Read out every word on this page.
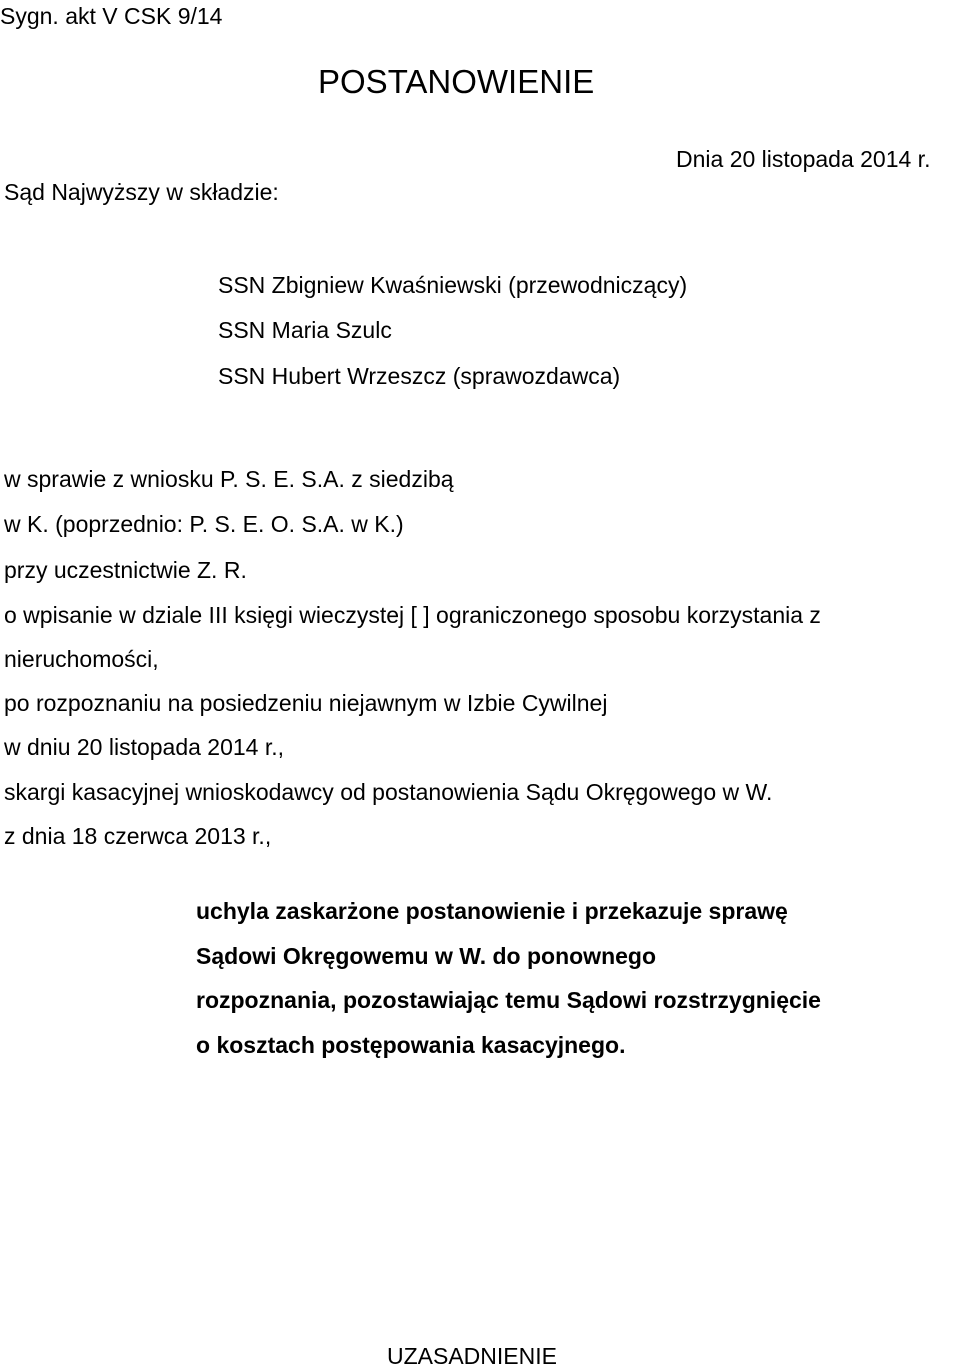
Sygn. akt V CSK 9/14
POSTANOWIENIE
Dnia 20 listopada 2014 r.
Sąd Najwyższy w składzie:
SSN Zbigniew Kwaśniewski (przewodniczący)
SSN Maria Szulc
SSN Hubert Wrzeszcz (sprawozdawca)
w sprawie z wniosku P. S. E. S.A. z siedzibą
w K. (poprzednio: P. S. E. O. S.A. w K.)
przy uczestnictwie Z. R.
o wpisanie w dziale III księgi wieczystej [ ] ograniczonego sposobu korzystania z
nieruchomości,
po rozpoznaniu na posiedzeniu niejawnym w Izbie Cywilnej
w dniu 20 listopada 2014 r.,
skargi kasacyjnej wnioskodawcy od postanowienia Sądu Okręgowego w W.
z dnia 18 czerwca 2013 r.,
uchyla zaskarżone postanowienie i przekazuje sprawę
Sądowi Okręgowemu w W. do ponownego
rozpoznania, pozostawiając temu Sądowi rozstrzygnięcie
o kosztach postępowania kasacyjnego.
UZASADNIENIE
